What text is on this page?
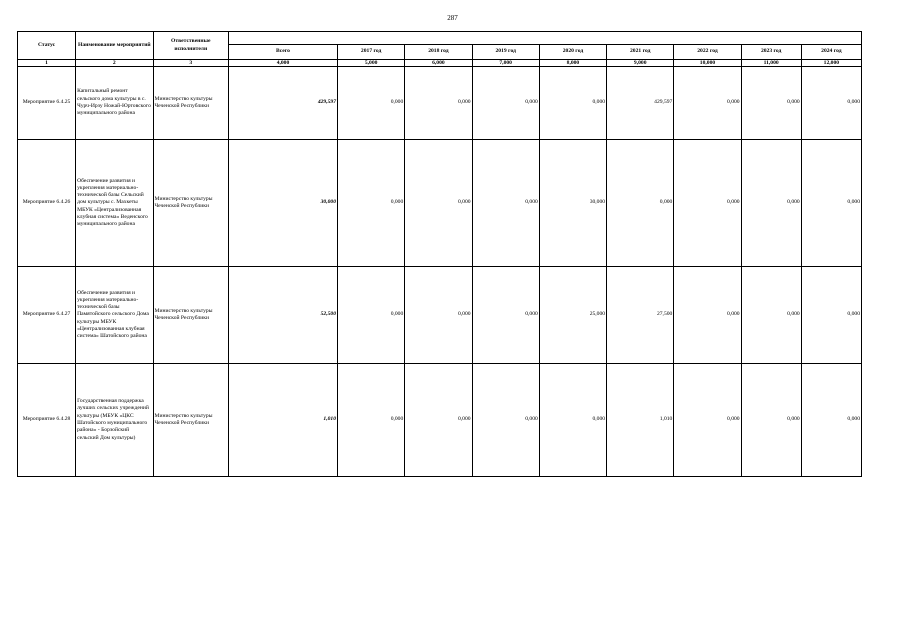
287
Статус	Наименование мероприятий	Ответственные исполнители									
			Всего	2017 год	2018 год	2019 год	2020 год	2021 год	2022 год	2023 год	2024 год
1	2	3	4,000	5,000	6,000	7,000	8,000	9,000	10,000	11,000	12,000
Мероприятие 6.4.25	Капитальный ремонт сельского дома культуры в с. Чурч-Ирзу Ножай-Юртовского муниципального района	Министерство культуры Чеченской Республики	429,597	0,000	0,000	0,000	0,000	429,597	0,000	0,000	0,000
Мероприятие 6.4.26	Обеспечение развития и укрепления материально-технической базы Сельский дом культуры с. Махкеты МБУК «Централизованная клубная система» Веденского муниципального района	Министерство культуры Чеченской Республики	30,000	0,000	0,000	0,000	30,000	0,000	0,000	0,000	0,000
Мероприятие 6.4.27	Обеспечение развития и укрепления материально-технической базы Памятойского сельского Дома культуры МБУК «Централизованная клубная система» Шатойского района	Министерство культуры Чеченской Республики	52,500	0,000	0,000	0,000	25,000	27,500	0,000	0,000	0,000
Мероприятие 6.4.28	Государственная поддержка лучших сельских учреждений культуры (МБУК «ЦКС Шатойского муниципального района» - Борзойский сельский Дом культуры)	Министерство культуры Чеченской Республики	1,010	0,000	0,000	0,000	0,000	1,010	0,000	0,000	0,000
